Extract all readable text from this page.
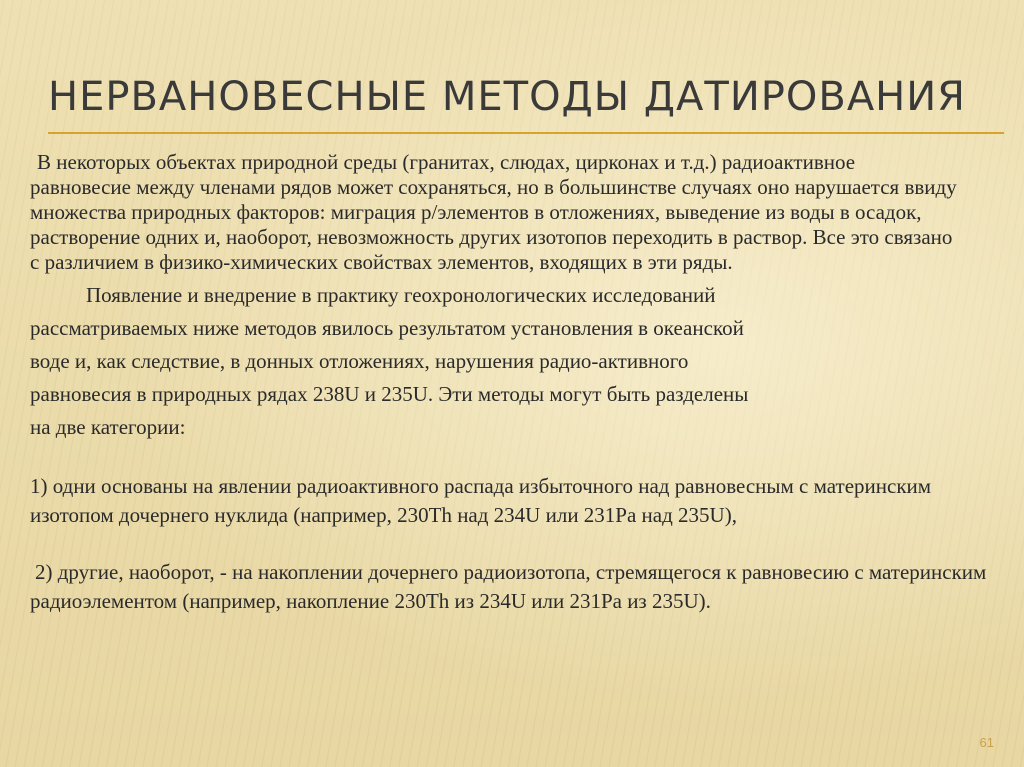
НЕРВАНОВЕСНЫЕ МЕТОДЫ ДАТИРОВАНИЯ

В некоторых объектах природной среды (гранитах, слюдах, цирконах и т.д.) радиоактивное равновесие между членами рядов может сохраняться, но в большинстве случаях оно нарушается ввиду множества природных факторов: миграция р/элементов в отложениях, выведение из воды в осадок, растворение одних и, наоборот, невозможность других изотопов переходить в раствор. Все это связано с различием в физико-химических свойствах элементов, входящих в эти ряды.

Появление и внедрение в практику геохронологических исследований рассматриваемых ниже методов явилось результатом установления в океанской воде и, как следствие, в донных отложениях, нарушения радио-активного равновесия в природных рядах 238U и 235U. Эти методы могут быть разделены на две категории:

1) одни основаны на явлении радиоактивного распада избыточного над равновесным с материнским изотопом дочернего нуклида (например, 230Th над 234U или 231Pa над 235U),

2) другие, наоборот, - на накоплении дочернего радиоизотопа, стремящегося к равновесию с материнским радиоэлементом (например, накопление 230Th из 234U или 231Pa из 235U).

61
